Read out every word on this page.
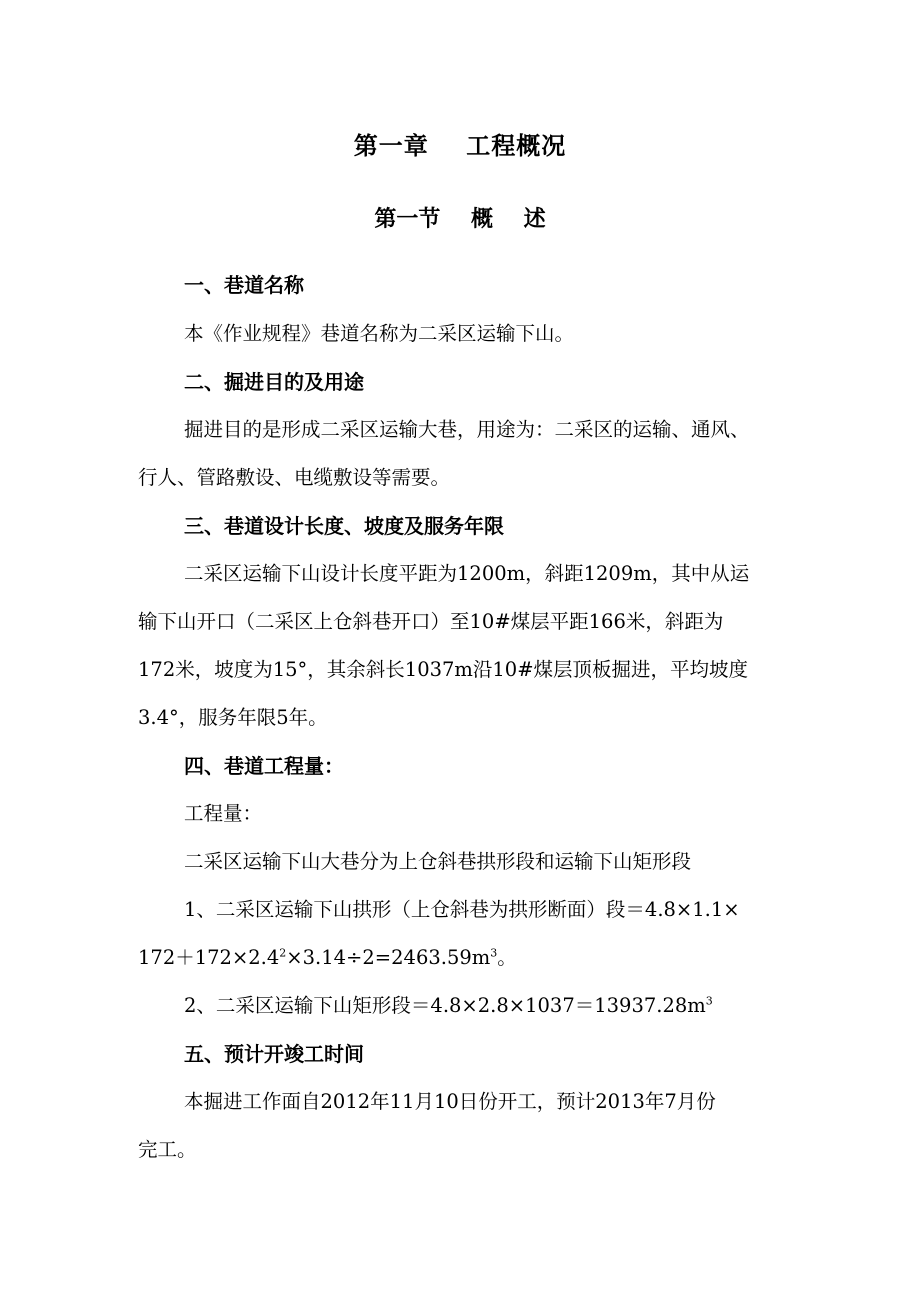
第一章    工程概况
第一节    概    述
一、巷道名称
本《作业规程》巷道名称为二采区运输下山。
二、掘进目的及用途
掘进目的是形成二采区运输大巷，用途为：二采区的运输、通风、
行人、管路敷设、电缆敷设等需要。
三、巷道设计长度、坡度及服务年限
二采区运输下山设计长度平距为1200m，斜距1209m，其中从运
输下山开口（二采区上仓斜巷开口）至10#煤层平距166米，斜距为
172米，坡度为15°，其余斜长1037m沿10#煤层顶板掘进，平均坡度
3.4°，服务年限5年。
四、巷道工程量：
工程量：
二采区运输下山大巷分为上仓斜巷拱形段和运输下山矩形段
1、二采区运输下山拱形（上仓斜巷为拱形断面）段＝4.8×1.1×
$172+172\times 2.4^2\times 3.14\div 2=2463.59m^3$。
2、二采区运输下山矩形段$=4.8\times 2.8\times 1037=13937.28m^3$
五、预计开竣工时间
本掘进工作面自2012年11月10日份开工，预计2013年7月份
完工。
